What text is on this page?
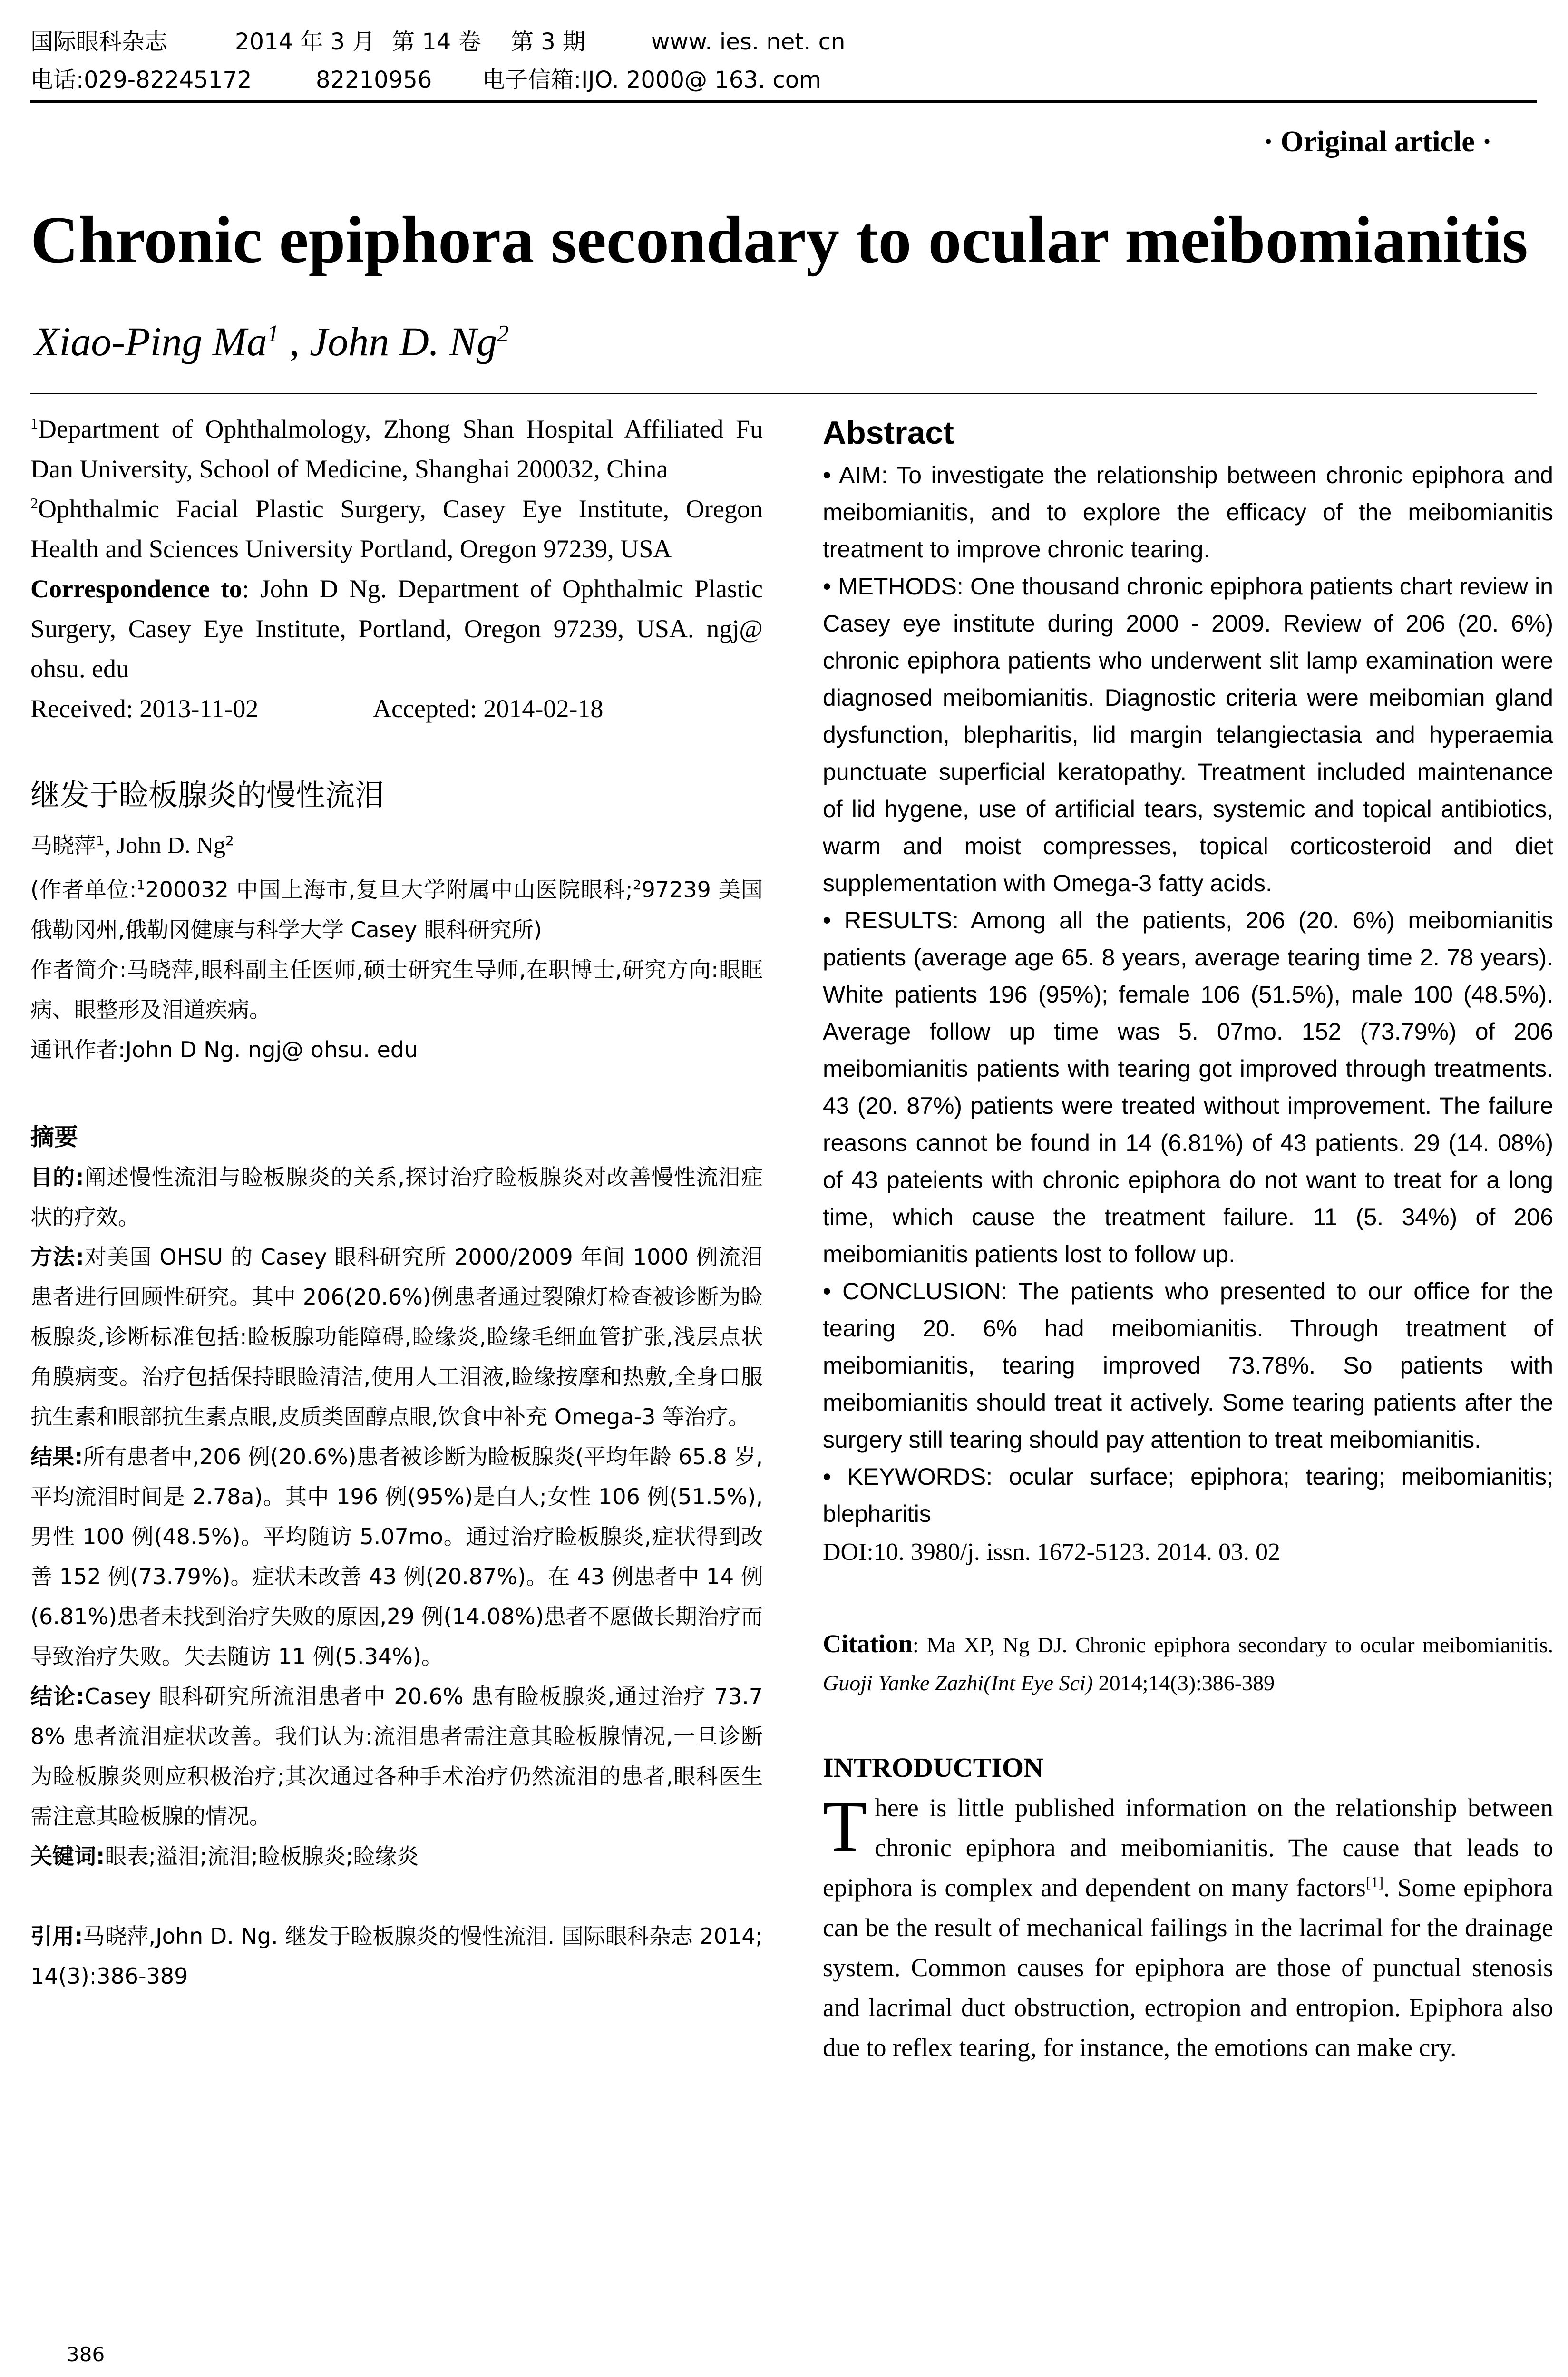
国际眼科杂志	2014 年 3 月 第 14 卷 第 3 期	www. ies. net. cn
电话:029-82245172	82210956 电子信箱:IJO. 2000@ 163. com
· Original article ·
Chronic epiphora secondary to ocular meibomianitis
Xiao-Ping Ma$^1$ , John D. Ng$^2$

$^1$Department of Ophthalmology, Zhong Shan Hospital Affiliated Fu Dan University, School of Medicine, Shanghai 200032, China

$^2$Ophthalmic Facial Plastic Surgery, Casey Eye Institute, Oregon Health and Sciences University Portland, Oregon 97239, USA

Correspondence to: John D Ng. Department of Ophthalmic Plastic Surgery, Casey Eye Institute, Portland, Oregon 97239, USA. ngj@ ohsu. edu

Received: 2013-11-02	Accepted: 2014-02-18

继发于睑板腺炎的慢性流泪

马晓萍$^1$, John D. Ng$^2$

(作者单位:$^1$200032 中国上海市,复旦大学附属中山医院眼科;$^2$97239 美国俄勒冈州,俄勒冈健康与科学大学 Casey 眼科研究所)

作者简介:马晓萍,眼科副主任医师,硕士研究生导师,在职博士,研究方向:眼眶病、眼整形及泪道疾病。

通讯作者:John D Ng. ngj@ ohsu. edu

摘要

目的:阐述慢性流泪与睑板腺炎的关系,探讨治疗睑板腺炎对改善慢性流泪症状的疗效。

方法:对美国 OHSU 的 Casey 眼科研究所 2000/2009 年间 1000 例流泪患者进行回顾性研究。其中 206(20.6%)例患者通过裂隙灯检查被诊断为睑板腺炎,诊断标准包括:睑板腺功能障碍,睑缘炎,睑缘毛细血管扩张,浅层点状角膜病变。治疗包括保持眼睑清洁,使用人工泪液,睑缘按摩和热敷,全身口服抗生素和眼部抗生素点眼,皮质类固醇点眼,饮食中补充 Omega-3 等治疗。

结果:所有患者中,206 例(20.6%)患者被诊断为睑板腺炎(平均年龄 65.8 岁,平均流泪时间是 2.78a)。其中 196 例(95%)是白人;女性 106 例(51.5%),男性 100 例(48.5%)。平均随访 5.07mo。通过治疗睑板腺炎,症状得到改善 152 例(73.79%)。症状未改善 43 例(20.87%)。在 43 例患者中 14 例(6.81%)患者未找到治疗失败的原因,29 例(14.08%)患者不愿做长期治疗而导致治疗失败。失去随访 11 例(5.34%)。

结论:Casey 眼科研究所流泪患者中 20.6% 患有睑板腺炎,通过治疗 73.78% 患者流泪症状改善。我们认为:流泪患者需注意其睑板腺情况,一旦诊断为睑板腺炎则应积极治疗;其次通过各种手术治疗仍然流泪的患者,眼科医生需注意其睑板腺的情况。

关键词:眼表;溢泪;流泪;睑板腺炎;睑缘炎

引用:马晓萍,John D. Ng. 继发于睑板腺炎的慢性流泪. 国际眼科杂志 2014;14(3):386-389

Abstract

• AIM: To investigate the relationship between chronic epiphora and meibomianitis, and to explore the efficacy of the meibomianitis treatment to improve chronic tearing.

• METHODS: One thousand chronic epiphora patients chart review in Casey eye institute during 2000 - 2009. Review of 206 (20. 6%) chronic epiphora patients who underwent slit lamp examination were diagnosed meibomianitis. Diagnostic criteria were meibomian gland dysfunction, blepharitis, lid margin telangiectasia and hyperaemia punctuate superficial keratopathy. Treatment included maintenance of lid hygene, use of artificial tears, systemic and topical antibiotics, warm and moist compresses, topical corticosteroid and diet supplementation with Omega-3 fatty acids.

• RESULTS: Among all the patients, 206 (20. 6%) meibomianitis patients (average age 65. 8 years, average tearing time 2. 78 years). White patients 196 (95%); female 106 (51.5%), male 100 (48.5%). Average follow up time was 5. 07mo. 152 (73.79%) of 206 meibomianitis patients with tearing got improved through treatments. 43 (20. 87%) patients were treated without improvement. The failure reasons cannot be found in 14 (6.81%) of 43 patients. 29 (14. 08%) of 43 pateients with chronic epiphora do not want to treat for a long time, which cause the treatment failure. 11 (5. 34%) of 206 meibomianitis patients lost to follow up.

• CONCLUSION: The patients who presented to our office for the tearing 20. 6% had meibomianitis. Through treatment of meibomianitis, tearing improved 73.78%. So patients with meibomianitis should treat it actively. Some tearing patients after the surgery still tearing should pay attention to treat meibomianitis.

• KEYWORDS: ocular surface; epiphora; tearing; meibomianitis; blepharitis

DOI:10. 3980/j. issn. 1672-5123. 2014. 03. 02

Citation: Ma XP, Ng DJ. Chronic epiphora secondary to ocular meibomianitis. Guoji Yanke Zazhi(Int Eye Sci) 2014;14(3):386-389

INTRODUCTION

There is little published information on the relationship between chronic epiphora and meibomianitis. The cause that leads to epiphora is complex and dependent on many factors[1]. Some epiphora can be the result of mechanical failings in the lacrimal for the drainage system. Common causes for epiphora are those of punctual stenosis and lacrimal duct obstruction, ectropion and entropion. Epiphora also due to reflex tearing, for instance, the emotions can make cry.

386
